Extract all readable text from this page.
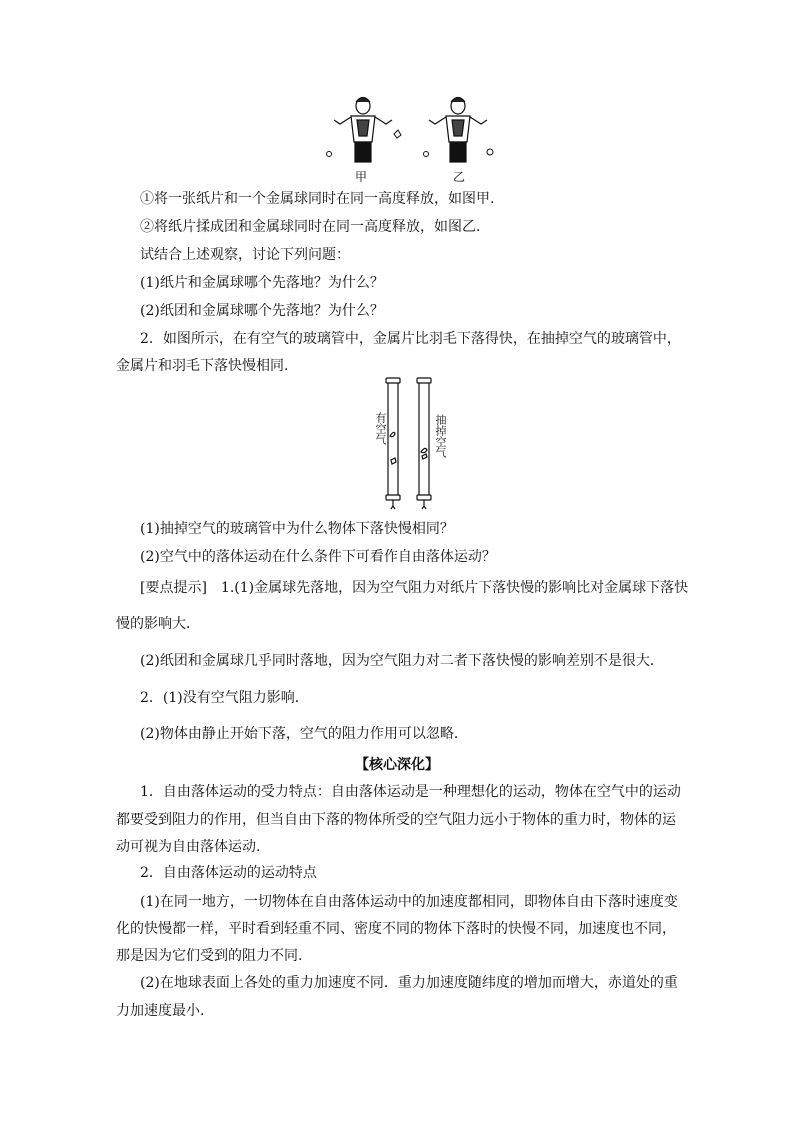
甲	乙
①将一张纸片和一个金属球同时在同一高度释放，如图甲.
②将纸片揉成团和金属球同时在同一高度释放，如图乙.
试结合上述观察，讨论下列问题：
(1)纸片和金属球哪个先落地？为什么？
(2)纸团和金属球哪个先落地？为什么？
2．如图所示，在有空气的玻璃管中，金属片比羽毛下落得快，在抽掉空气的玻璃管中，
金属片和羽毛下落快慢相同.
有空气	抽掉空气
(1)抽掉空气的玻璃管中为什么物体下落快慢相同？
(2)空气中的落体运动在什么条件下可看作自由落体运动？
[要点提示]　1.(1)金属球先落地，因为空气阻力对纸片下落快慢的影响比对金属球下落快
慢的影响大．
(2)纸团和金属球几乎同时落地，因为空气阻力对二者下落快慢的影响差别不是很大．
2．(1)没有空气阻力影响．
(2)物体由静止开始下落，空气的阻力作用可以忽略．
【核心深化】
1．自由落体运动的受力特点：自由落体运动是一种理想化的运动，物体在空气中的运动
都要受到阻力的作用，但当自由下落的物体所受的空气阻力远小于物体的重力时，物体的运
动可视为自由落体运动.
2．自由落体运动的运动特点
(1)在同一地方，一切物体在自由落体运动中的加速度都相同，即物体自由下落时速度变
化的快慢都一样，平时看到轻重不同、密度不同的物体下落时的快慢不同，加速度也不同，
那是因为它们受到的阻力不同.
(2)在地球表面上各处的重力加速度不同．重力加速度随纬度的增加而增大，赤道处的重
力加速度最小.
